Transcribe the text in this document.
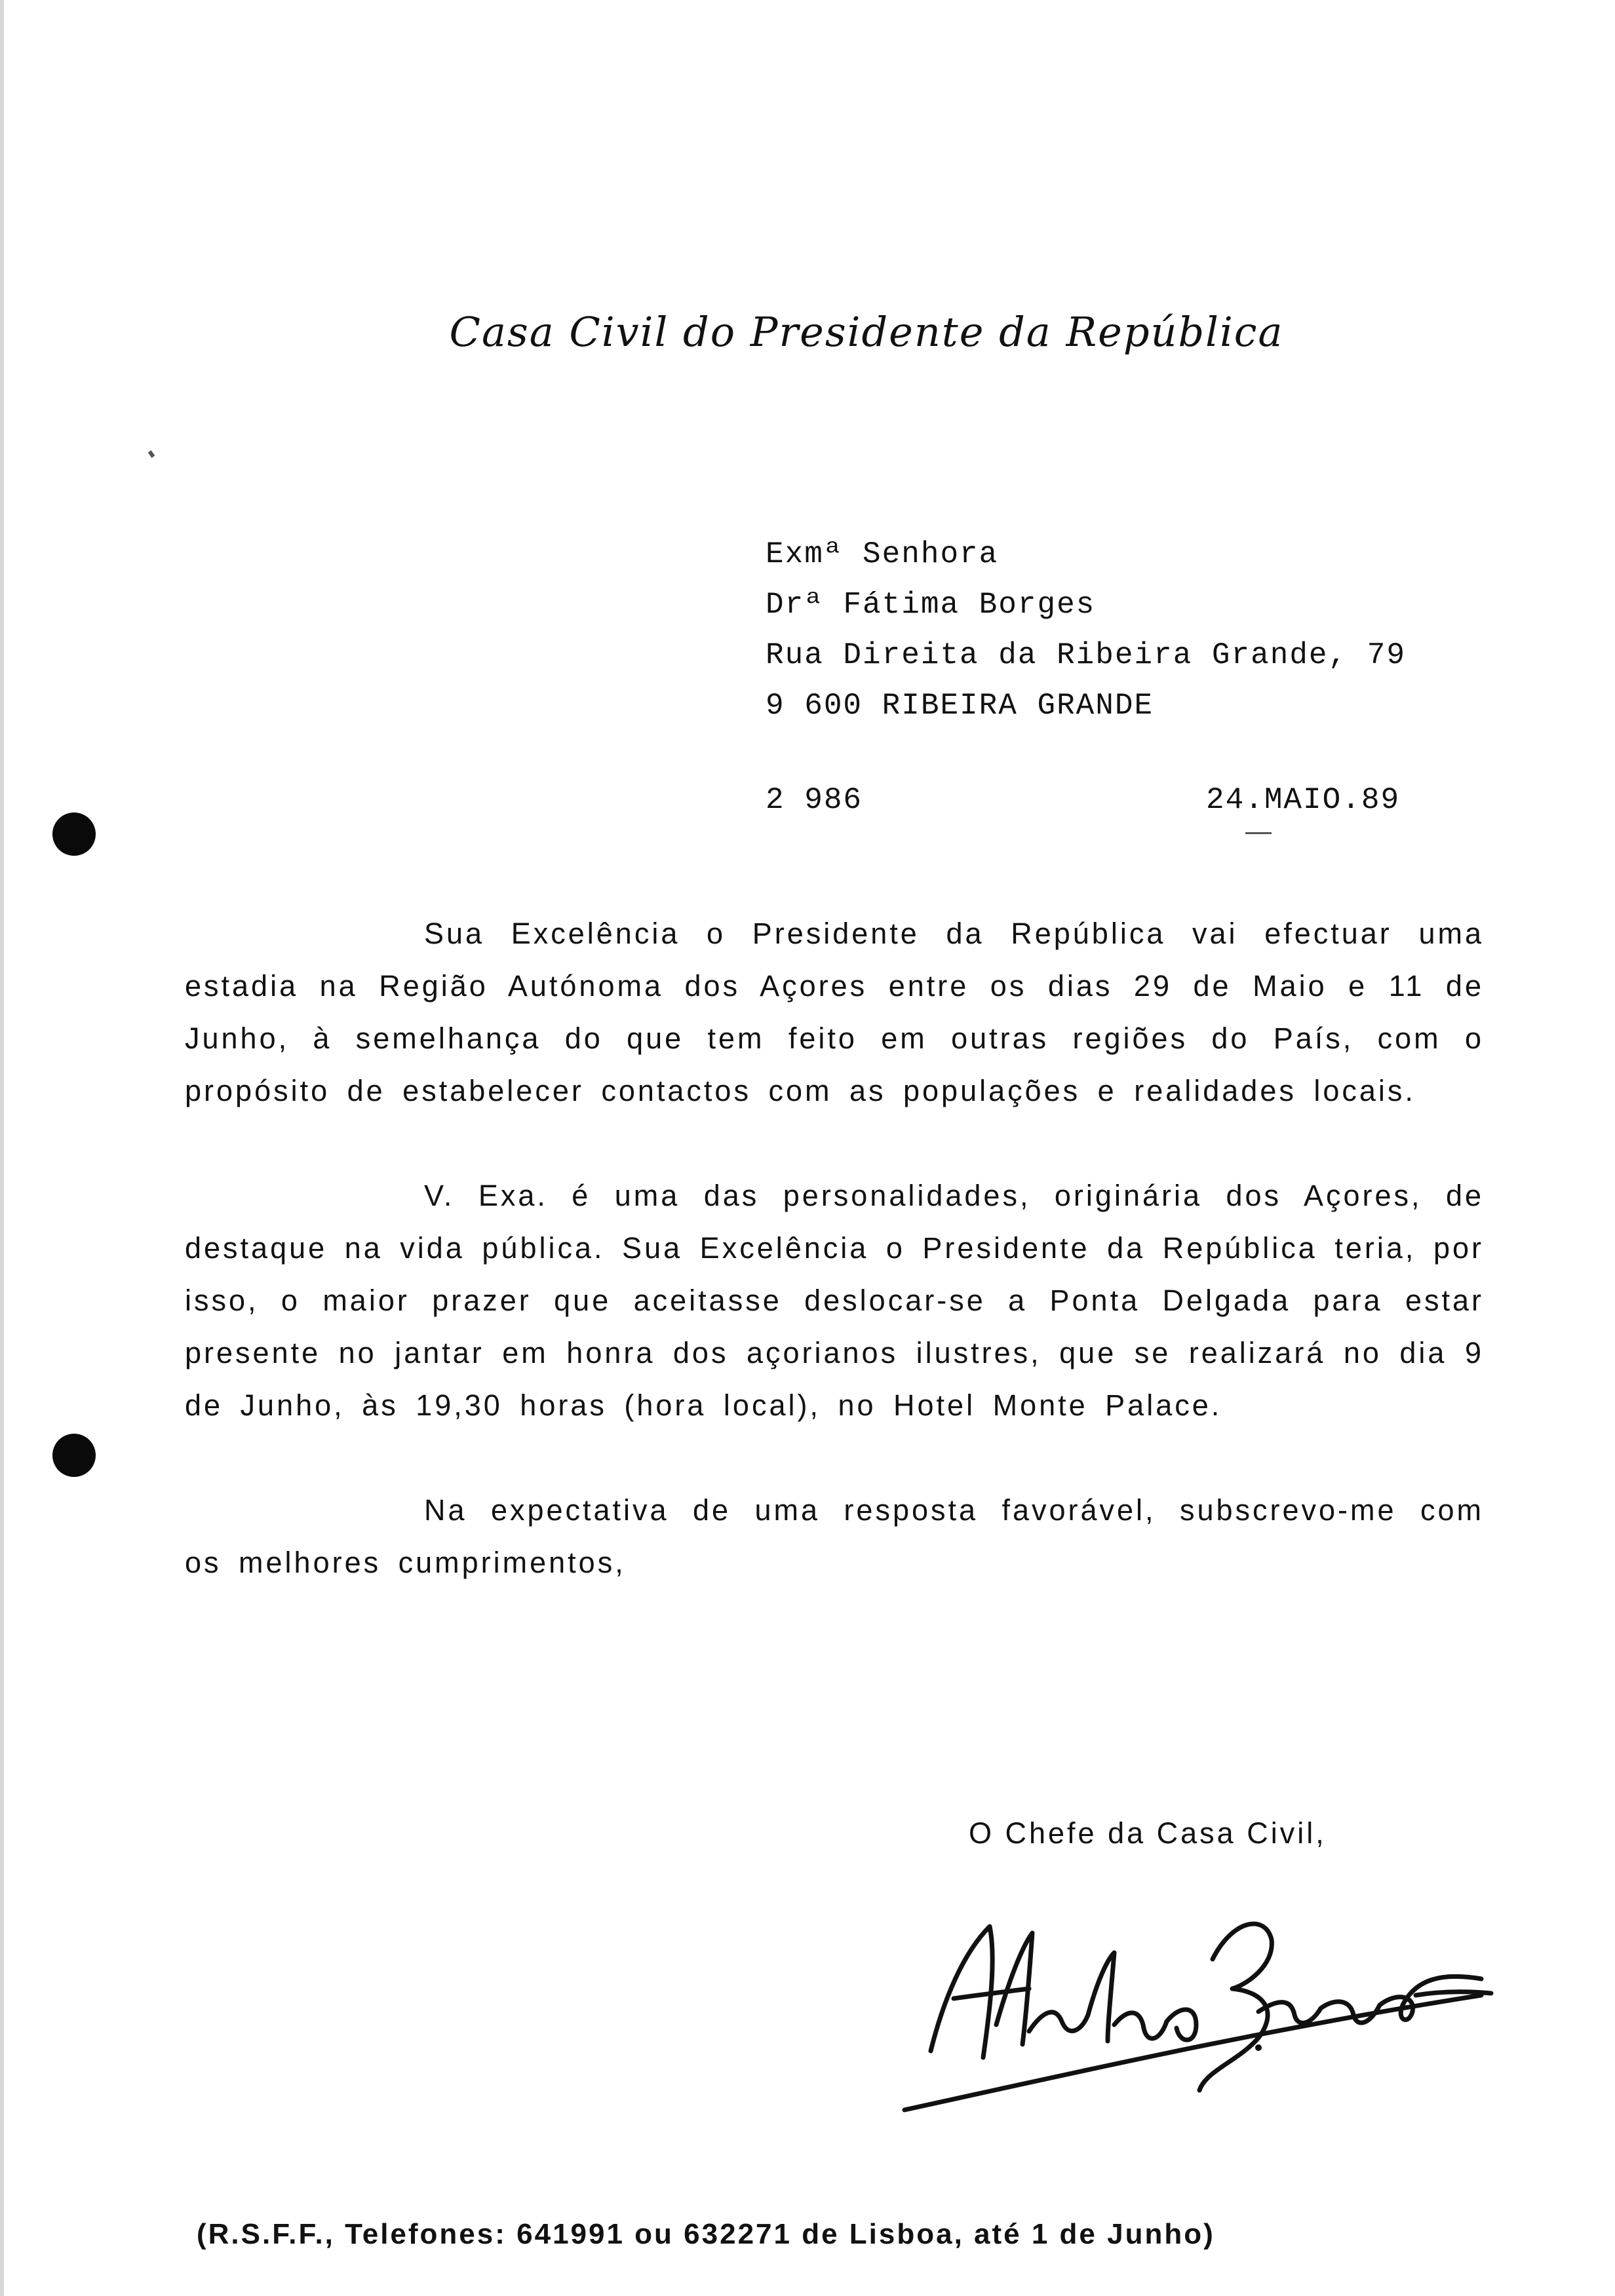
Casa Civil do Presidente da República
Exmª Senhora
Drª Fátima Borges
Rua Direita da Ribeira Grande, 79
9 600 RIBEIRA GRANDE
2 986	24.MAIO.89

Sua Excelência o Presidente da República vai efectuar uma estadia na Região Autónoma dos Açores entre os dias 29 de Maio e 11 de Junho, à semelhança do que tem feito em outras regiões do País, com o propósito de estabelecer contactos com as populações e realidades locais.

V. Exa. é uma das personalidades, originária dos Açores, de destaque na vida pública. Sua Excelência o Presidente da República teria, por isso, o maior prazer que aceitasse deslocar-se a Ponta Delgada para estar presente no jantar em honra dos açorianos ilustres, que se realizará no dia 9 de Junho, às 19,30 horas (hora local), no Hotel Monte Palace.

Na expectativa de uma resposta favorável, subscrevo-me com os melhores cumprimentos,

O Chefe da Casa Civil,
(R.S.F.F., Telefones: 641991 ou 632271 de Lisboa, até 1 de Junho)
